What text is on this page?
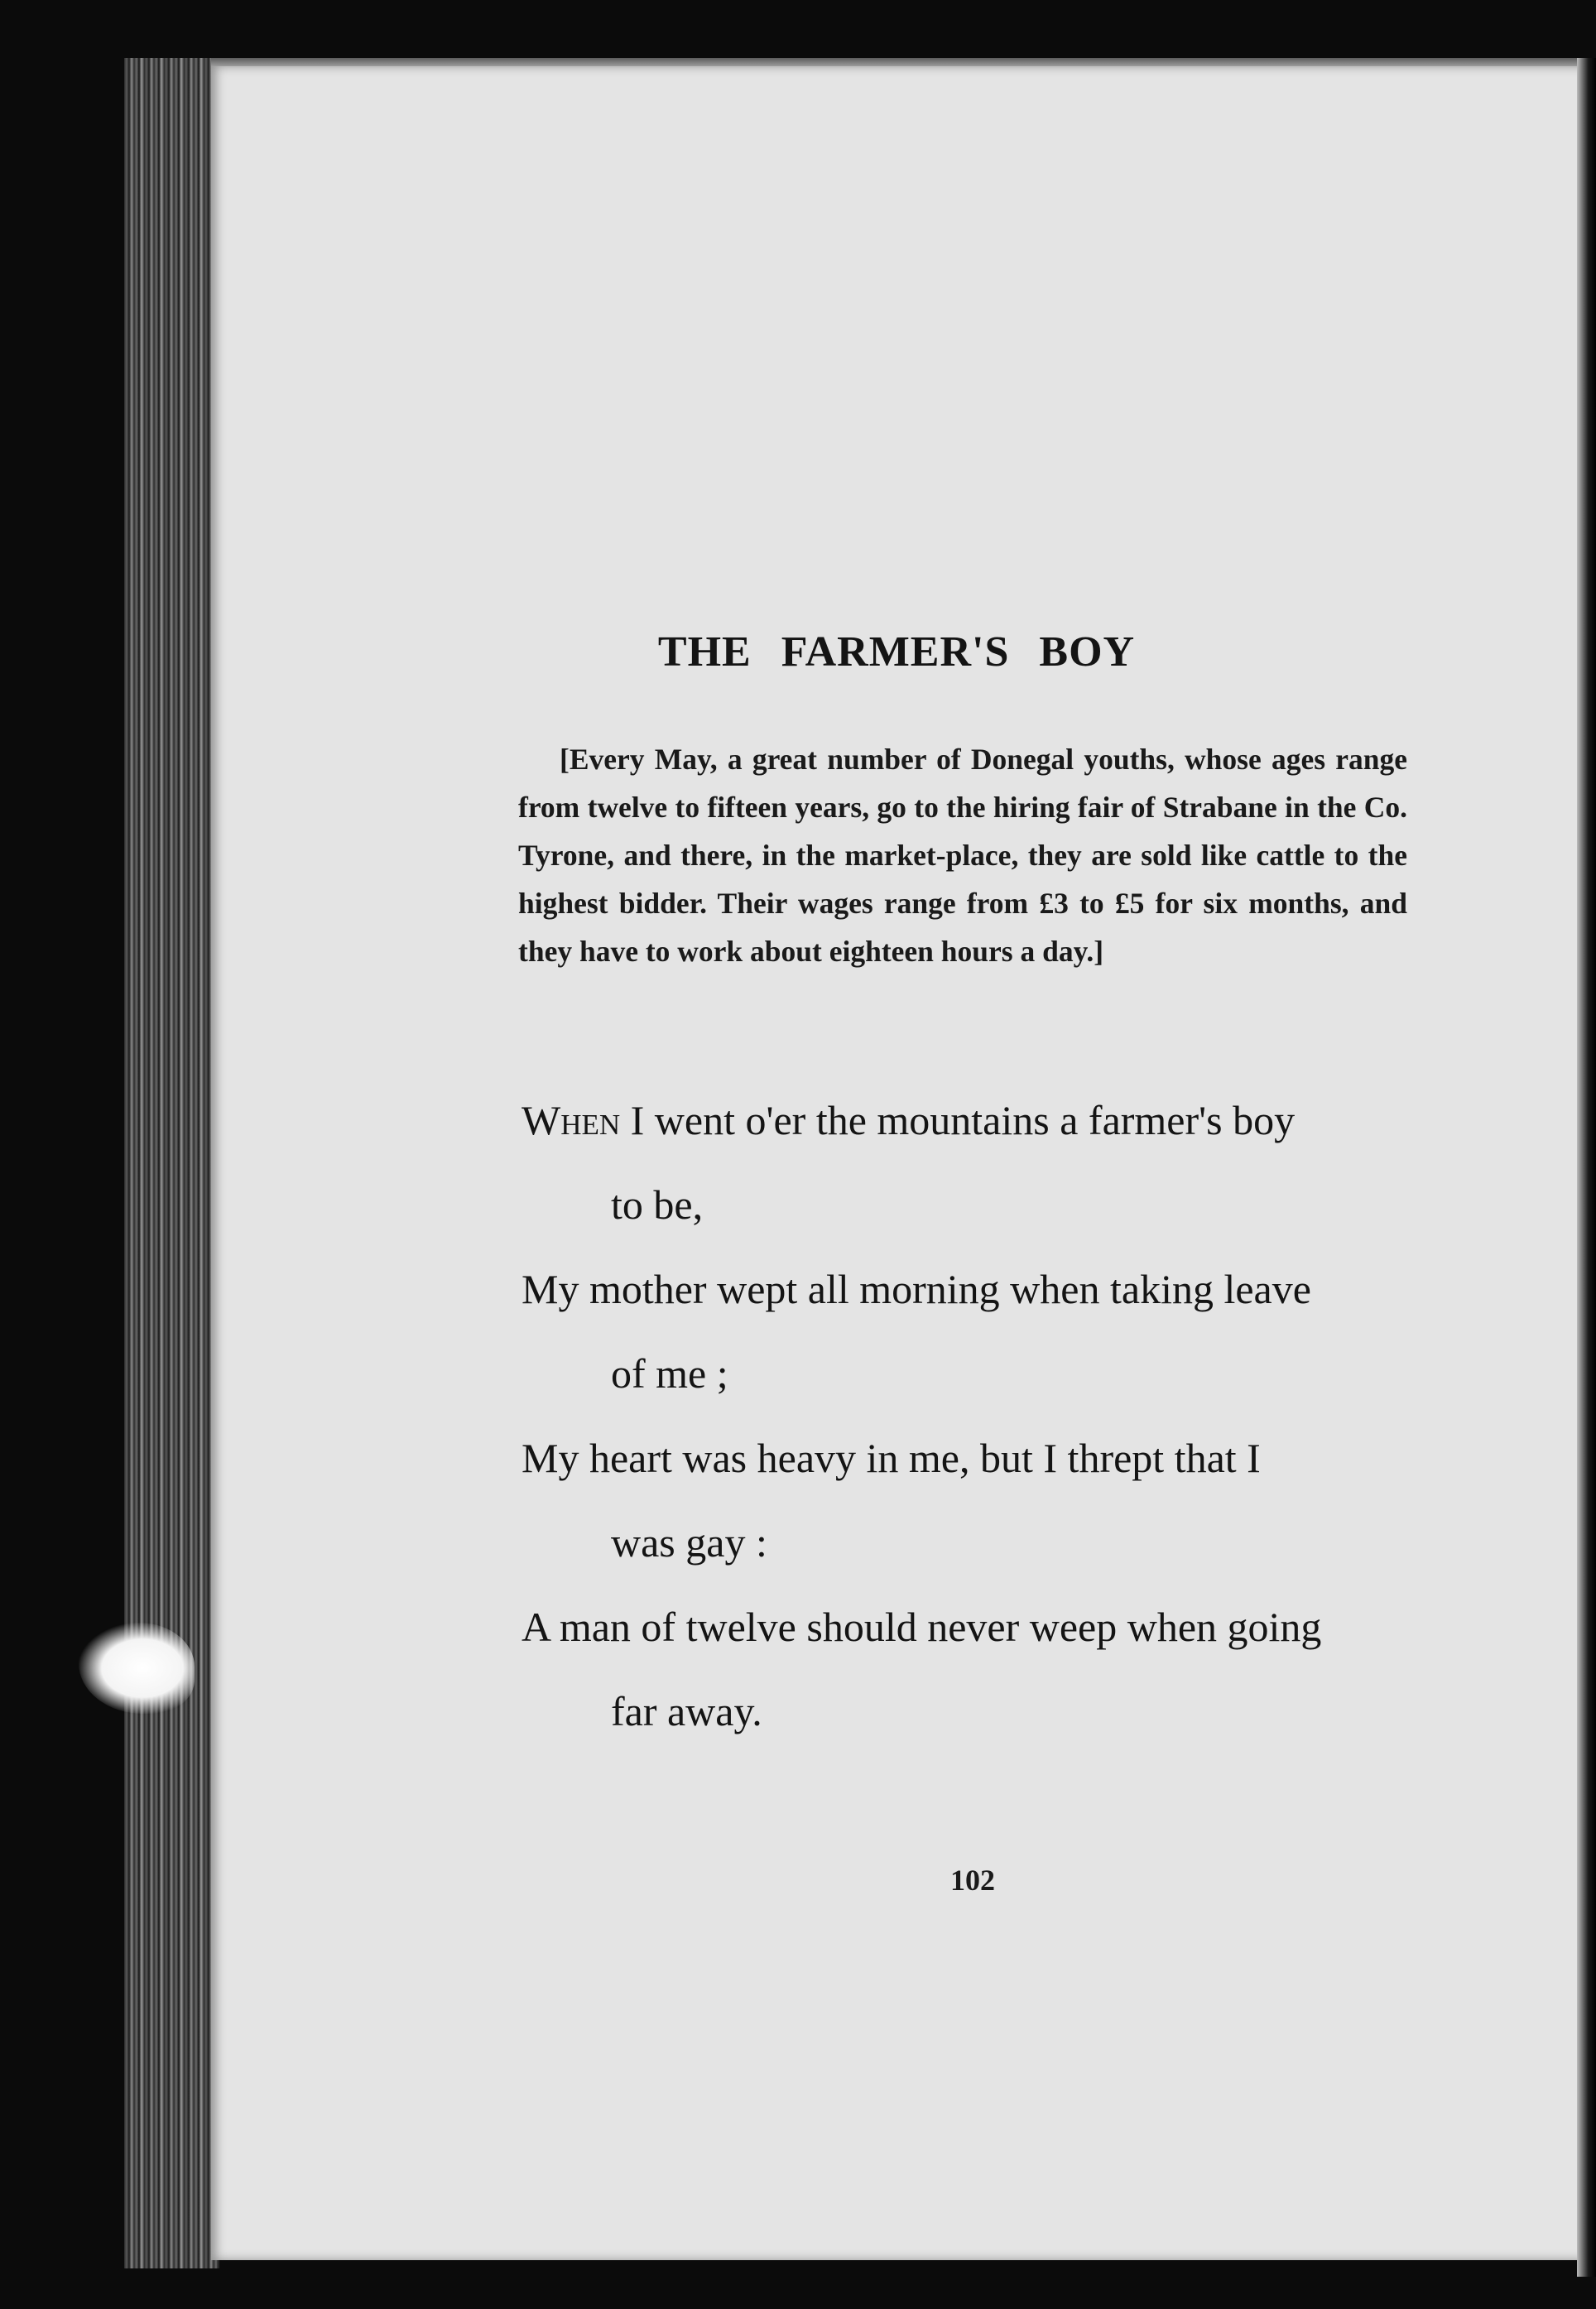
THE FARMER'S BOY

[Every May, a great number of Donegal youths, whose ages range from twelve to fifteen years, go to the hiring fair of Strabane in the Co. Tyrone, and there, in the market-place, they are sold like cattle to the highest bidder. Their wages range from £3 to £5 for six months, and they have to work about eighteen hours a day.]

When I went o'er the mountains a farmer's boy
to be,
My mother wept all morning when taking leave
of me ;
My heart was heavy in me, but I thrept that I
was gay :
A man of twelve should never weep when going
far away.

102
